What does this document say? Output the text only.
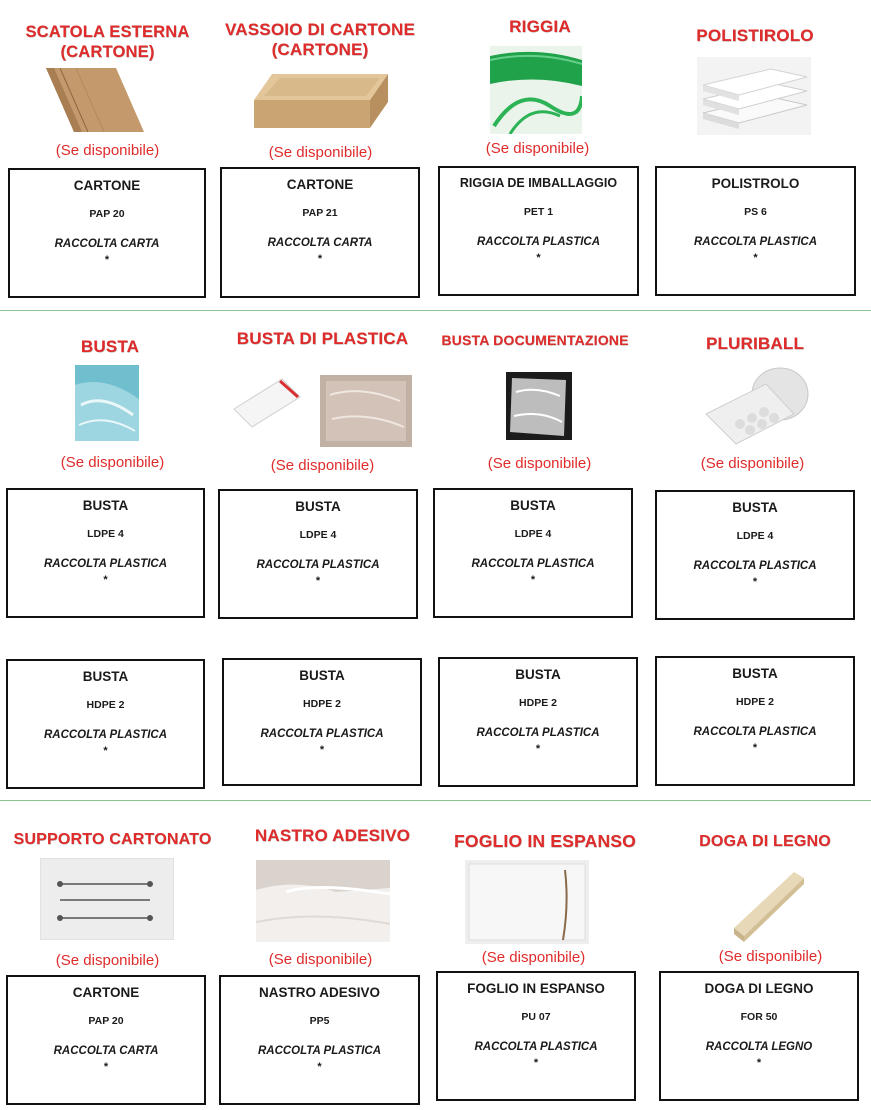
SCATOLA ESTERNA
(CARTONE)
(Se disponibile)
CARTONE
PAP 20
RACCOLTA CARTA
*
VASSOIO DI CARTONE
(CARTONE)
(Se disponibile)
CARTONE
PAP 21
RACCOLTA CARTA
*
RIGGIA
(Se disponibile)
RIGGIA DE IMBALLAGGIO
PET 1
RACCOLTA PLASTICA
*
POLISTIROLO
POLISTROLO
PS 6
RACCOLTA PLASTICA
*
BUSTA
(Se disponibile)
BUSTA
LDPE 4
RACCOLTA PLASTICA
*
BUSTA DI PLASTICA
(Se disponibile)
BUSTA
LDPE 4
RACCOLTA PLASTICA
*
BUSTA DOCUMENTAZIONE
(Se disponibile)
BUSTA
LDPE 4
RACCOLTA PLASTICA
*
PLURIBALL
(Se disponibile)
BUSTA
LDPE 4
RACCOLTA PLASTICA
*
BUSTA
HDPE 2
RACCOLTA PLASTICA
*
BUSTA
HDPE 2
RACCOLTA PLASTICA
*
BUSTA
HDPE 2
RACCOLTA PLASTICA
*
BUSTA
HDPE 2
RACCOLTA PLASTICA
*
SUPPORTO CARTONATO
(Se disponibile)
CARTONE
PAP 20
RACCOLTA CARTA
*
NASTRO ADESIVO
(Se disponibile)
NASTRO ADESIVO
PP5
RACCOLTA PLASTICA
*
FOGLIO IN ESPANSO
(Se disponibile)
FOGLIO IN ESPANSO
PU 07
RACCOLTA PLASTICA
*
DOGA DI LEGNO
(Se disponibile)
DOGA DI LEGNO
FOR 50
RACCOLTA LEGNO
*
